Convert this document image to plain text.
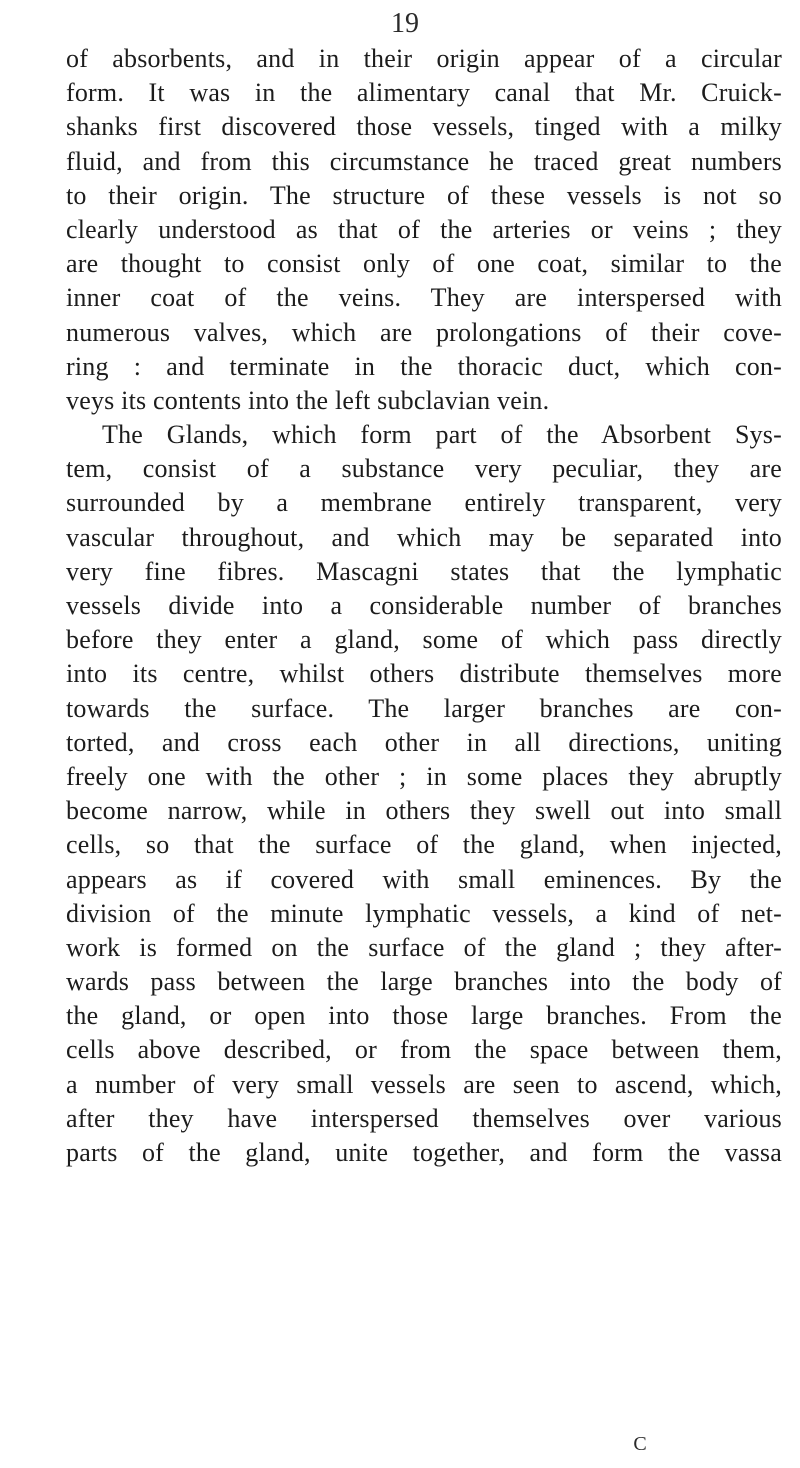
19
of absorbents, and in their origin appear of a circular
form. It was in the alimentary canal that Mr. Cruick-
shanks first discovered those vessels, tinged with a milky
fluid, and from this circumstance he traced great numbers
to their origin. The structure of these vessels is not so
clearly understood as that of the arteries or veins ; they
are thought to consist only of one coat, similar to the
inner coat of the veins. They are interspersed with
numerous valves, which are prolongations of their cove-
ring : and terminate in the thoracic duct, which con-
veys its contents into the left subclavian vein.
The Glands, which form part of the Absorbent Sys-
tem, consist of a substance very peculiar, they are
surrounded by a membrane entirely transparent, very
vascular throughout, and which may be separated into
very fine fibres. Mascagni states that the lymphatic
vessels divide into a considerable number of branches
before they enter a gland, some of which pass directly
into its centre, whilst others distribute themselves more
towards the surface. The larger branches are con-
torted, and cross each other in all directions, uniting
freely one with the other ; in some places they abruptly
become narrow, while in others they swell out into small
cells, so that the surface of the gland, when injected,
appears as if covered with small eminences. By the
division of the minute lymphatic vessels, a kind of net-
work is formed on the surface of the gland ; they after-
wards pass between the large branches into the body of
the gland, or open into those large branches. From the
cells above described, or from the space between them,
a number of very small vessels are seen to ascend, which,
after they have interspersed themselves over various
parts of the gland, unite together, and form the vassa
C
